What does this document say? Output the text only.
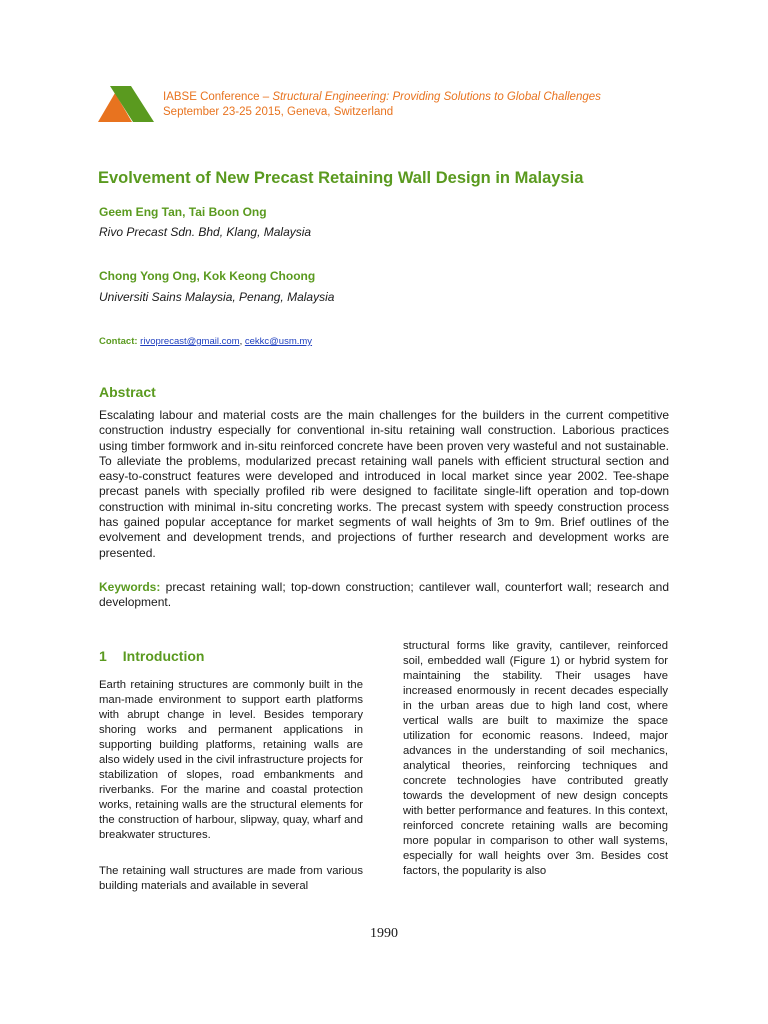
IABSE Conference – Structural Engineering: Providing Solutions to Global Challenges
September 23-25 2015, Geneva, Switzerland
Evolvement of New Precast Retaining Wall Design in Malaysia
Geem Eng Tan, Tai Boon Ong
Rivo Precast Sdn. Bhd, Klang, Malaysia
Chong Yong Ong, Kok Keong Choong
Universiti Sains Malaysia, Penang, Malaysia
Contact: rivoprecast@gmail.com, cekkc@usm.my
Abstract
Escalating labour and material costs are the main challenges for the builders in the current competitive construction industry especially for conventional in-situ retaining wall construction. Laborious practices using timber formwork and in-situ reinforced concrete have been proven very wasteful and not sustainable. To alleviate the problems, modularized precast retaining wall panels with efficient structural section and easy-to-construct features were developed and introduced in local market since year 2002. Tee-shape precast panels with specially profiled rib were designed to facilitate single-lift operation and top-down construction with minimal in-situ concreting works. The precast system with speedy construction process has gained popular acceptance for market segments of wall heights of 3m to 9m. Brief outlines of the evolvement and development trends, and projections of further research and development works are presented.
Keywords: precast retaining wall; top-down construction; cantilever wall, counterfort wall; research and development.
1 Introduction
Earth retaining structures are commonly built in the man-made environment to support earth platforms with abrupt change in level. Besides temporary shoring works and permanent applications in supporting building platforms, retaining walls are also widely used in the civil infrastructure projects for stabilization of slopes, road embankments and riverbanks. For the marine and coastal protection works, retaining walls are the structural elements for the construction of harbour, slipway, quay, wharf and breakwater structures.
The retaining wall structures are made from various building materials and available in several
structural forms like gravity, cantilever, reinforced soil, embedded wall (Figure 1) or hybrid system for maintaining the stability. Their usages have increased enormously in recent decades especially in the urban areas due to high land cost, where vertical walls are built to maximize the space utilization for economic reasons. Indeed, major advances in the understanding of soil mechanics, analytical theories, reinforcing techniques and concrete technologies have contributed greatly towards the development of new design concepts with better performance and features. In this context, reinforced concrete retaining walls are becoming more popular in comparison to other wall systems, especially for wall heights over 3m. Besides cost factors, the popularity is also
1990
